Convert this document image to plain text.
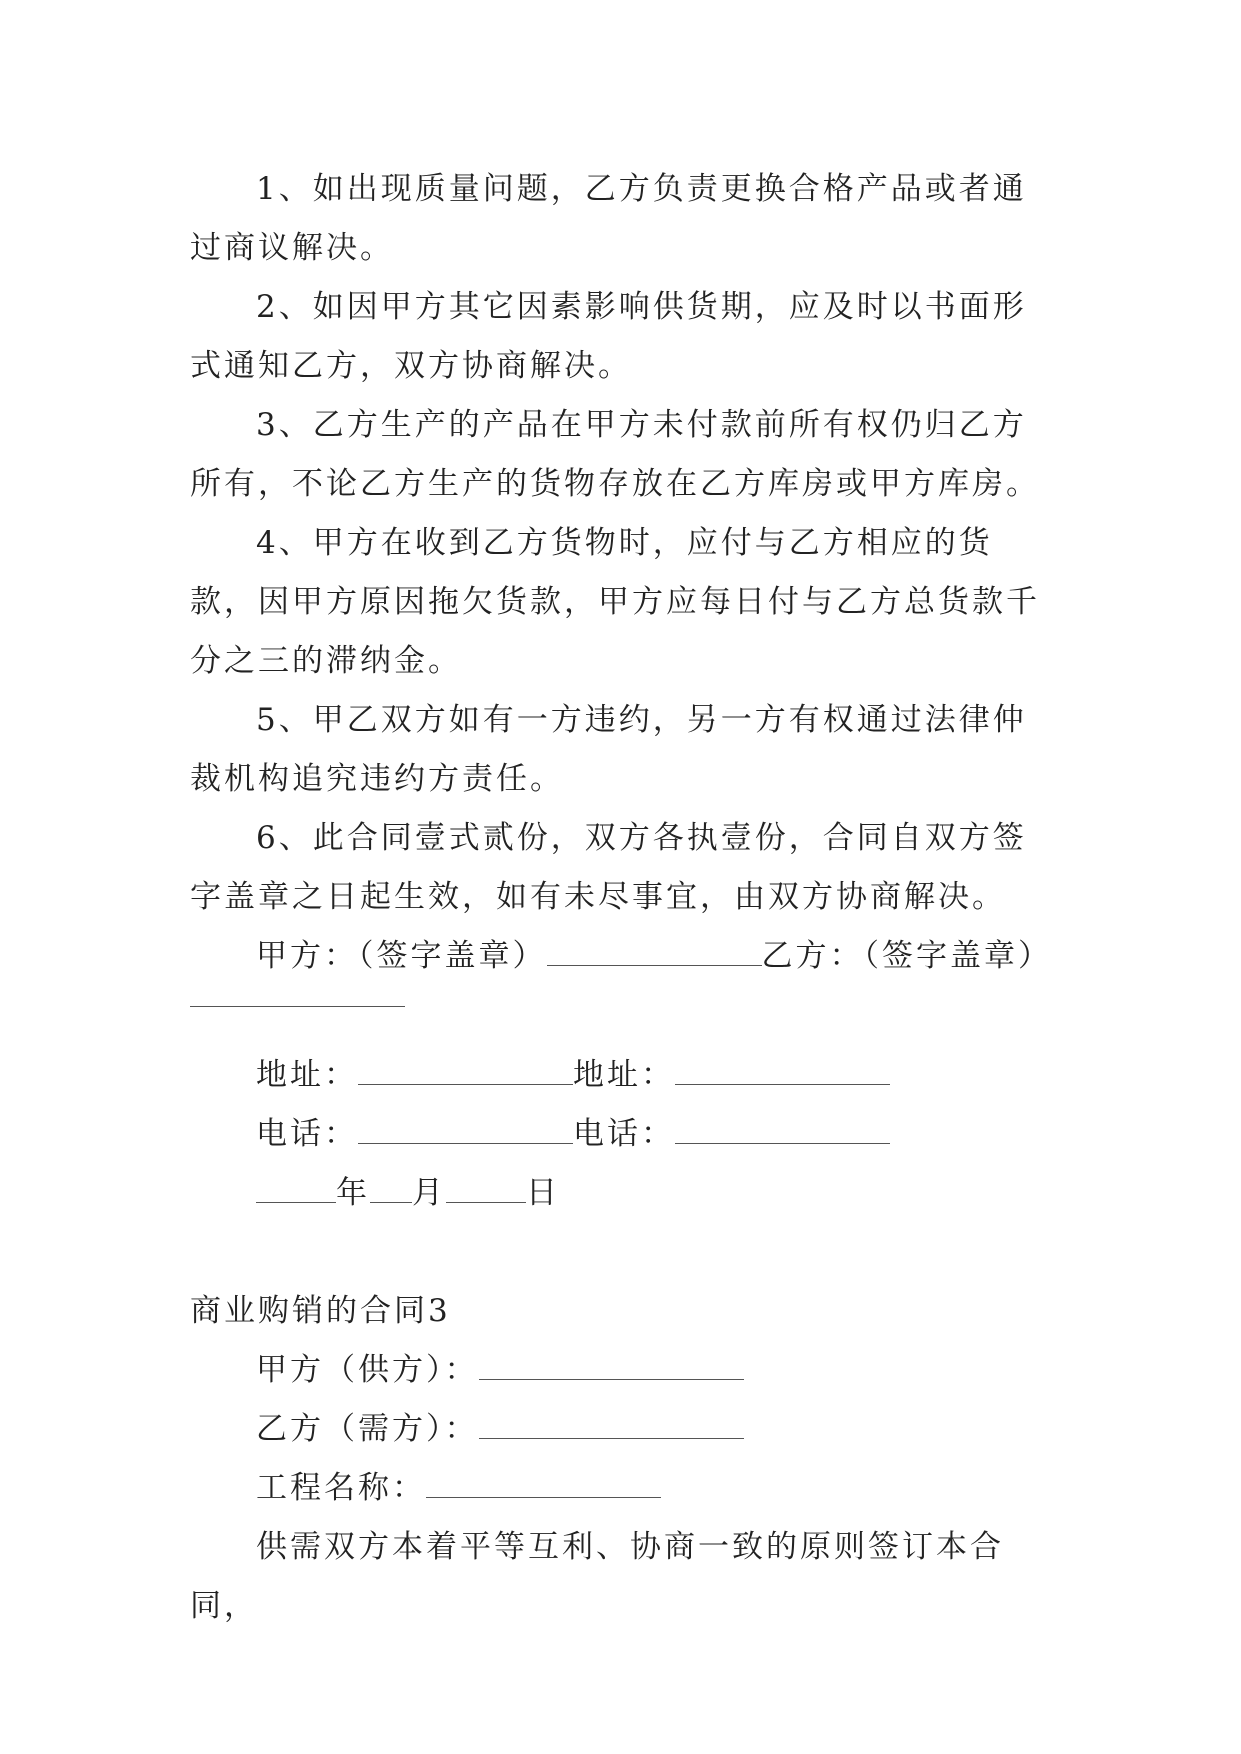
1、如出现质量问题，乙方负责更换合格产品或者通过商议解决。

2、如因甲方其它因素影响供货期，应及时以书面形式通知乙方，双方协商解决。

3、乙方生产的产品在甲方未付款前所有权仍归乙方所有，不论乙方生产的货物存放在乙方库房或甲方库房。

4、甲方在收到乙方货物时，应付与乙方相应的货款，因甲方原因拖欠货款，甲方应每日付与乙方总货款千分之三的滞纳金。

5、甲乙双方如有一方违约，另一方有权通过法律仲裁机构追究违约方责任。

6、此合同壹式贰份，双方各执壹份，合同自双方签字盖章之日起生效，如有未尽事宜，由双方协商解决。

甲方：（签字盖章）	乙方：（签字盖章）

地址：	地址：

电话：	电话：

年 月	日

商业购销的合同3

甲方（供方）：

乙方（需方）：

工程名称：

供需双方本着平等互利、协商一致的原则签订本合同，
